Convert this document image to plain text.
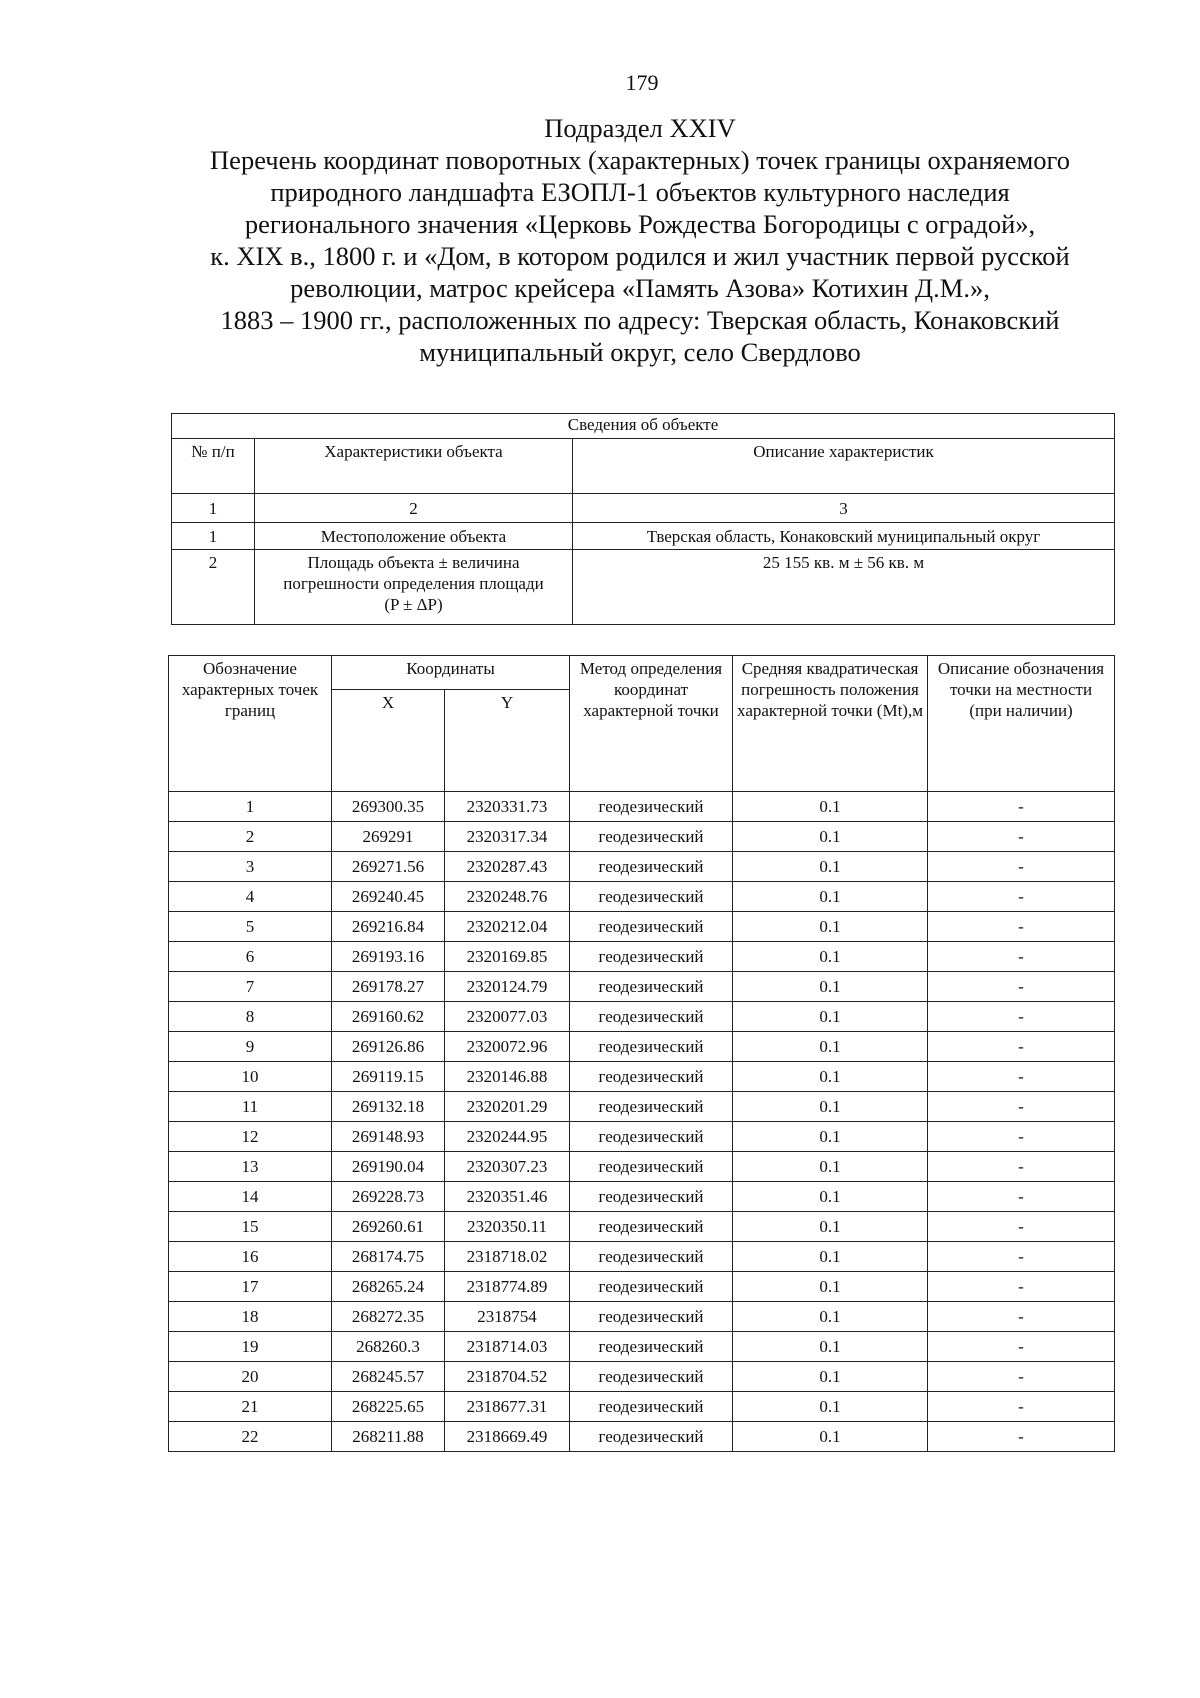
179
Подраздел XXIV
Перечень координат поворотных (характерных) точек границы охраняемого
природного ландшафта ЕЗОПЛ-1 объектов культурного наследия
регионального значения «Церковь Рождества Богородицы с оградой»,
к. XIX в., 1800 г. и «Дом, в котором родился и жил участник первой русской
революции, матрос крейсера «Память Азова» Котихин Д.М.»,
1883 – 1900 гг., расположенных по адресу: Тверская область, Конаковский
муниципальный округ, село Свердлово
Сведения об объекте		
№ п/п	Характеристики объекта	Описание характеристик
1	2	3
1	Местоположение объекта	Тверская область, Конаковский муниципальный округ
2	Площадь объекта ± величина погрешности определения площади (P ± ΔP)	25 155 кв. м ± 56 кв. м
Обозначение характерных точек границ	Координаты		Метод определения координат характерной точки	Средняя квадратическая погрешность положения характерной точки (Mt),м	Описание обозначения точки на местности (при наличии)
	X	Y			
1	269300.35	2320331.73	геодезический	0.1	-
2	269291	2320317.34	геодезический	0.1	-
3	269271.56	2320287.43	геодезический	0.1	-
4	269240.45	2320248.76	геодезический	0.1	-
5	269216.84	2320212.04	геодезический	0.1	-
6	269193.16	2320169.85	геодезический	0.1	-
7	269178.27	2320124.79	геодезический	0.1	-
8	269160.62	2320077.03	геодезический	0.1	-
9	269126.86	2320072.96	геодезический	0.1	-
10	269119.15	2320146.88	геодезический	0.1	-
11	269132.18	2320201.29	геодезический	0.1	-
12	269148.93	2320244.95	геодезический	0.1	-
13	269190.04	2320307.23	геодезический	0.1	-
14	269228.73	2320351.46	геодезический	0.1	-
15	269260.61	2320350.11	геодезический	0.1	-
16	268174.75	2318718.02	геодезический	0.1	-
17	268265.24	2318774.89	геодезический	0.1	-
18	268272.35	2318754	геодезический	0.1	-
19	268260.3	2318714.03	геодезический	0.1	-
20	268245.57	2318704.52	геодезический	0.1	-
21	268225.65	2318677.31	геодезический	0.1	-
22	268211.88	2318669.49	геодезический	0.1	-
